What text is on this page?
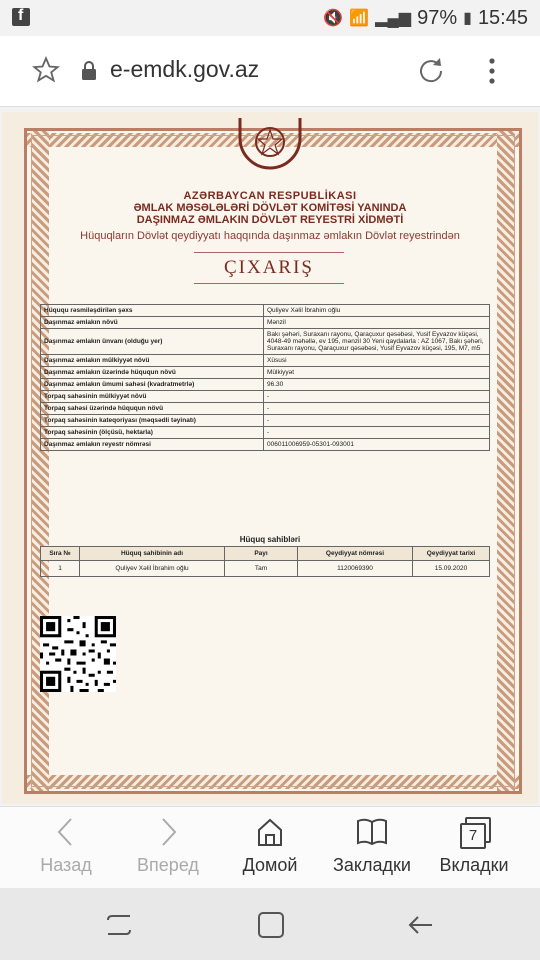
f	🔇 📶 ▂▄▆ 97% ▮ 15:45
e-emdk.gov.az
AZƏRBAYCAN RESPUBLİKASI
ƏMLAK MƏSƏLƏLƏRİ DÖVLƏT KOMİTƏSİ YANINDA
DAŞINMAZ ƏMLAKIN DÖVLƏT REYESTRİ XİDMƏTİ
Hüquqların Dövlət qeydiyyatı haqqında daşınmaz əmlakın Dövlət reyestrindən
ÇIXARIŞ
Hüququ rəsmiləşdirilən şəxs	Quliyev Xəlil İbrahim oğlu
Daşınmaz əmlakın növü	Mənzil
Daşınmaz əmlakın ünvanı (olduğu yer)	Bakı şəhəri, Suraxanı rayonu, Qaraçuxur qəsəbəsi, Yusif Eyvazov küçəsi, 4048-49 məhəllə, ev 195, mənzil 30 Yeni qaydalarla : AZ 1067, Bakı şəhəri, Suraxanı rayonu, Qaraçuxur qəsəbəsi, Yusif Eyvazov küçəsi, 195, M7, m5
Daşınmaz əmlakın mülkiyyət növü	Xüsusi
Daşınmaz əmlakın üzərində hüququn növü	Mülkiyyət
Daşınmaz əmlakın ümumi sahəsi (kvadratmetrlə)	96.30
Torpaq sahəsinin mülkiyyət növü	-
Torpaq sahəsi üzərində hüququn növü	-
Torpaq sahəsinin kateqoriyası (məqsədli təyinatı)	-
Torpaq sahəsinin (ölçüsü, hektarla)	-
Daşınmaz əmlakın reyestr nömrəsi	006011006959-05301-093001
Hüquq sahibləri
Sıra №	Hüquq sahibinin adı	Payı	Qeydiyyat nömrəsi	Qeydiyyat tarixi
1	Quliyev Xəlil İbrahim oğlu	Tam	1120069390	15.09.2020
Назад	Вперед	Домой	Закладки
7
Вкладки
